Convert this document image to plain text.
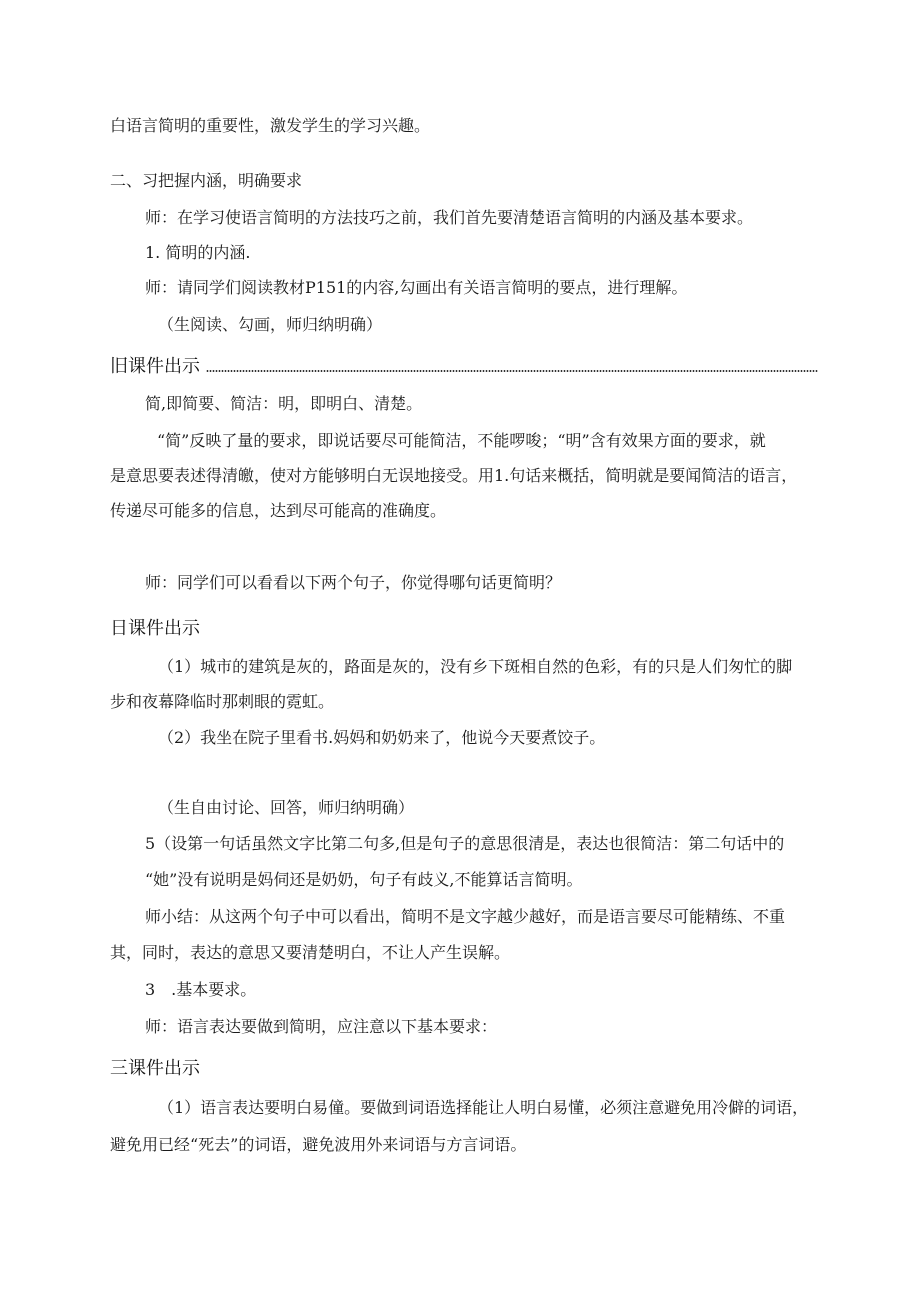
白语言简明的重要性，激发学生的学习兴趣。
二、习把握内涵，明确要求
师：在学习使语言简明的方法技巧之前，我们首先要清楚语言简明的内涵及基本要求。
1. 简明的内涵.
师：请同学们阅读教材P151的内容,勾画出有关语言简明的要点，进行理解。
（生阅读、勾画，师归纳明确）
旧课件出示
简,即简要、简洁：明，即明白、清楚。
“简”反映了量的要求，即说话要尽可能简洁，不能啰唆；“明”含有效果方面的要求，就
是意思要表述得清皦，使对方能够明白无误地接受。用1.句话来概括，简明就是要闻简洁的语言，
传递尽可能多的信息，达到尽可能高的准确度。
师：同学们可以看看以下两个句子，你觉得哪句话更简明？
日课件出示
（1）城市的建筑是灰的，路面是灰的，没有乡下斑相自然的色彩，有的只是人们匆忙的脚
步和夜幕降临时那刺眼的霓虹。
（2）我坐在院子里看书.妈妈和奶奶来了，他说今天要煮饺子。
（生自由讨论、回答，师归纳明确）
5（设第一句话虽然文字比第二句多,但是句子的意思很清是，表达也很简洁：第二句话中的
“她”没有说明是妈伺还是奶奶，句子有歧义,不能算话言简明。
师小结：从这两个句子中可以看出，简明不是文字越少越好，而是语言要尽可能精练、不重
其，同时，表达的意思又要清楚明白，不让人产生误解。
3　.基本要求。
师：语言表达要做到简明，应注意以下基本要求：
三课件出示
（1）语言表达要明白易僮。要做到词语选择能让人明白易懂，必须注意避免用冷僻的词语，
避免用已经“死去”的词语，避免波用外来词语与方言词语。
